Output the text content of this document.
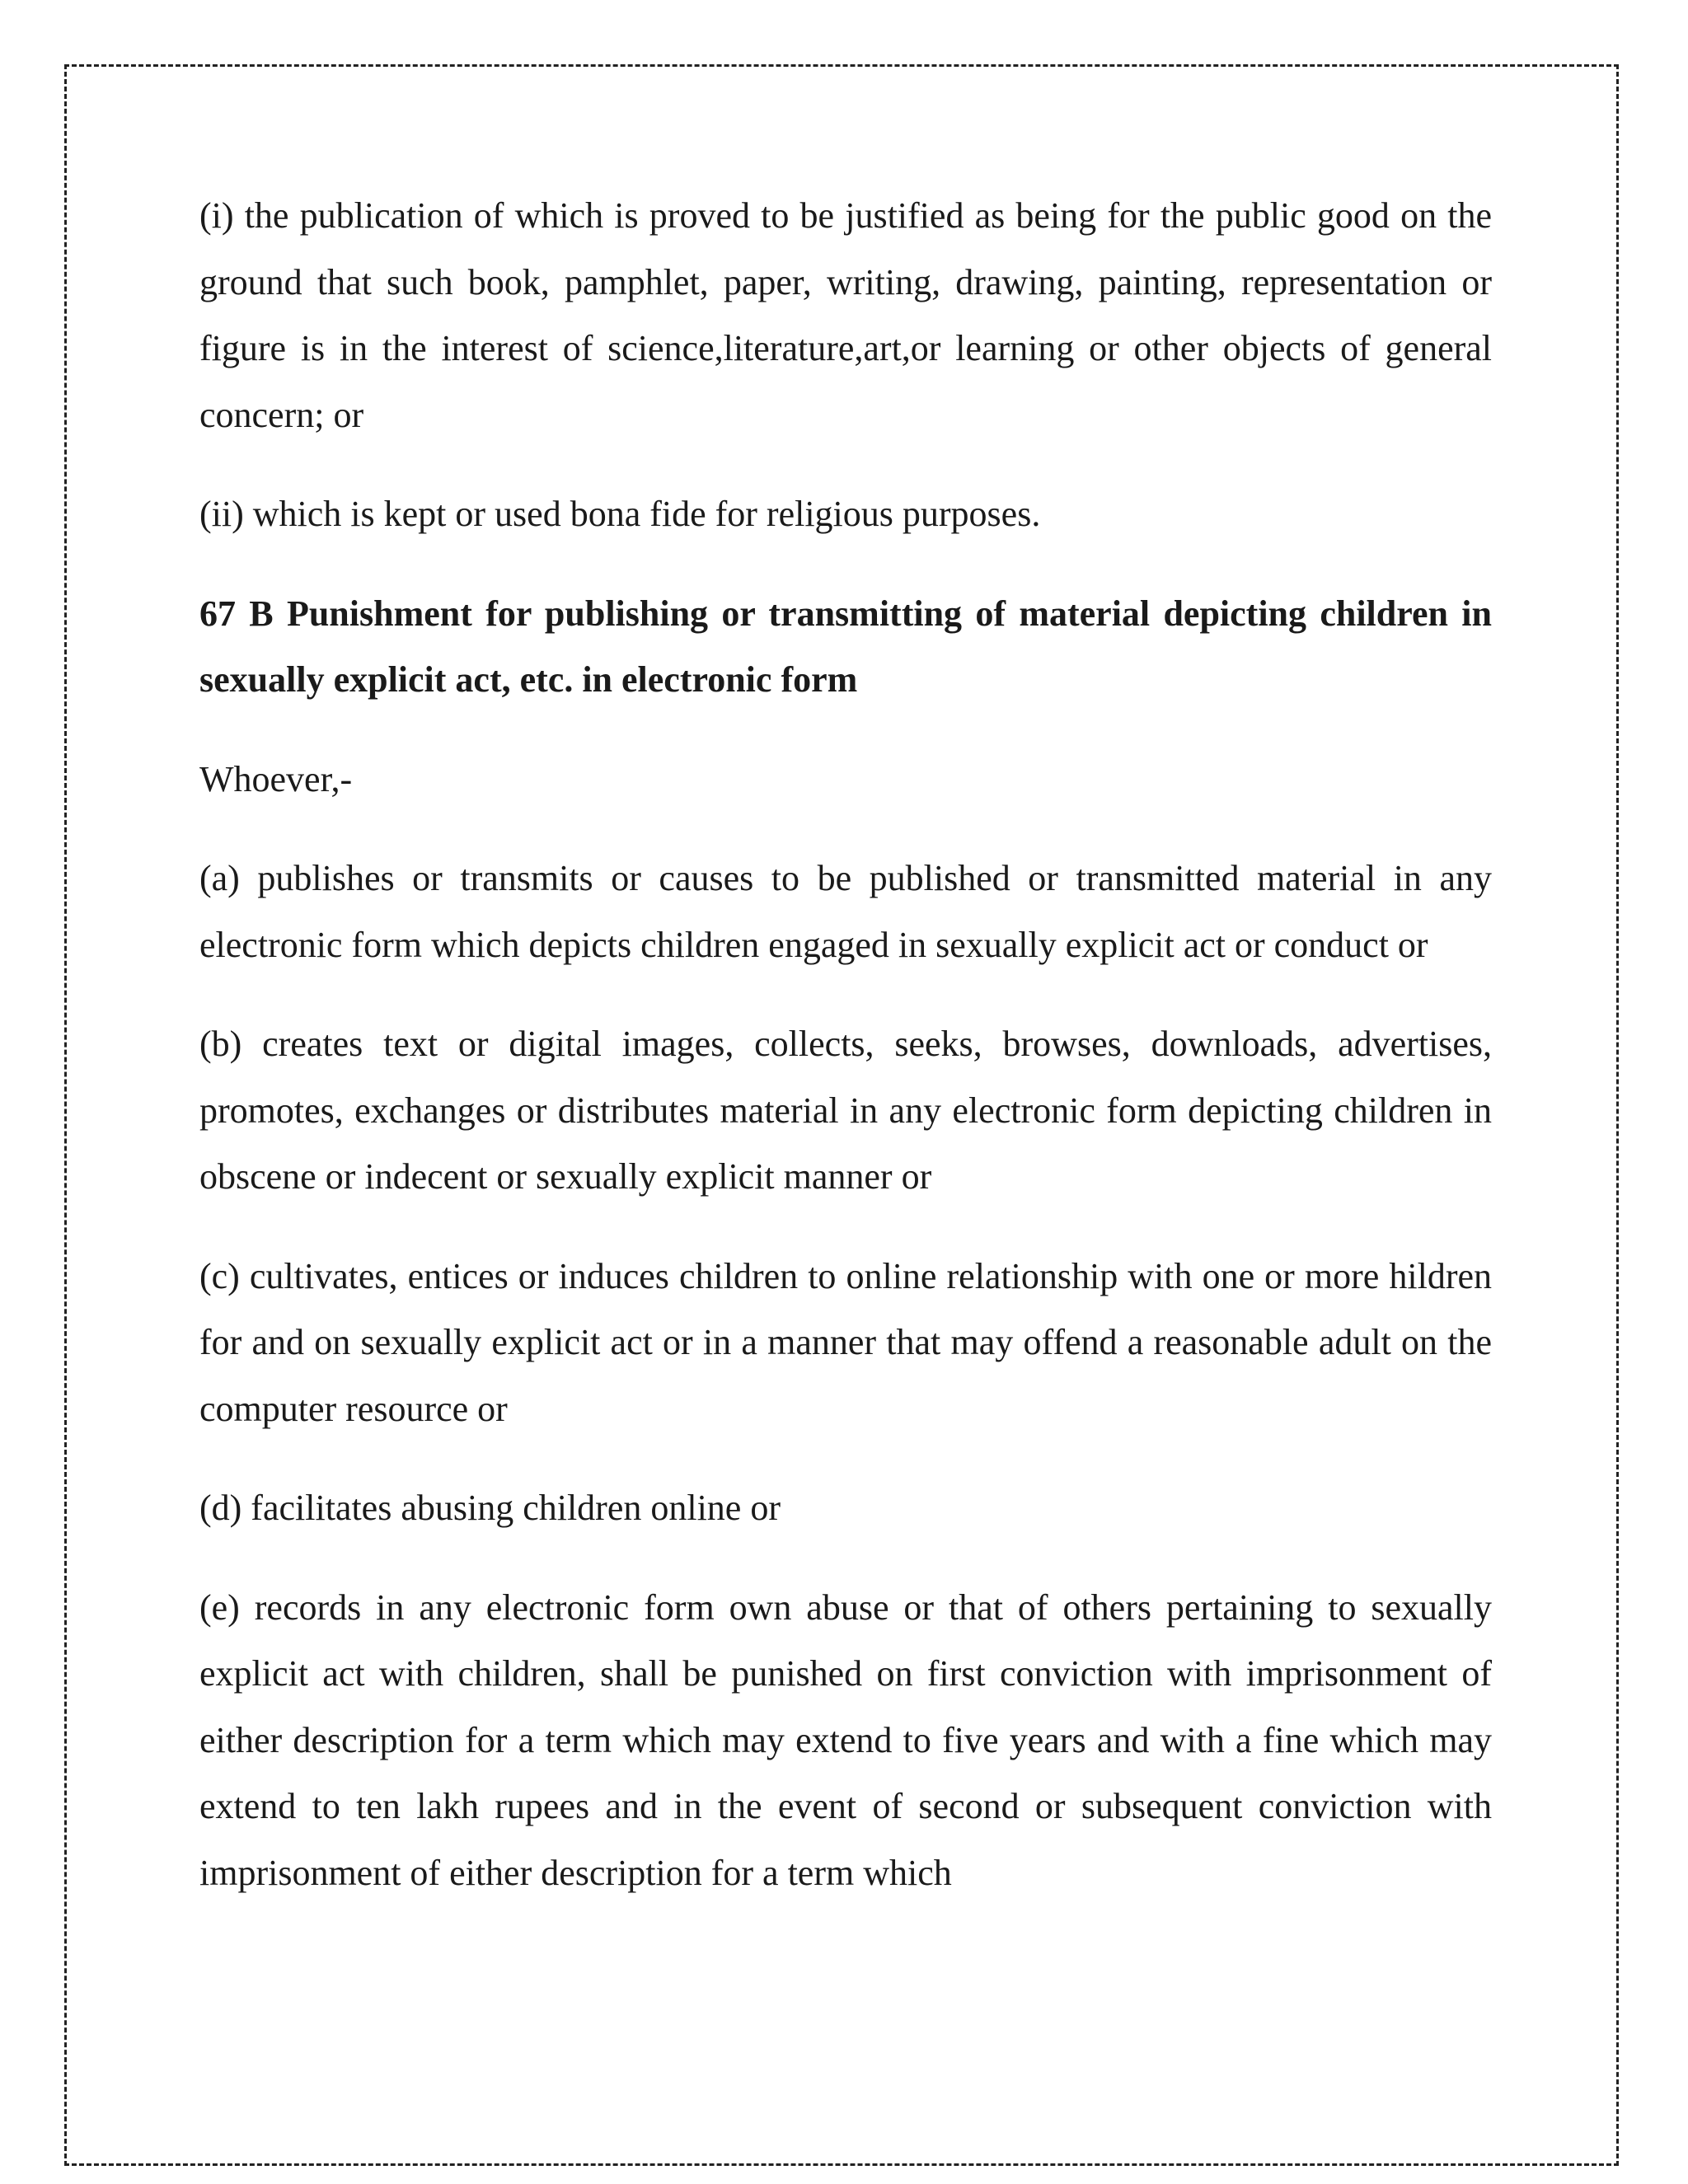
(i) the publication of which is proved to be justified as being for the public good on the ground that such book, pamphlet, paper, writing, drawing, painting, representation or figure is in the interest of science,literature,art,or learning or other objects of general concern; or

(ii) which is kept or used bona fide for religious purposes.

67 B Punishment for publishing or transmitting of material depicting children in sexually explicit act, etc. in electronic form

Whoever,-

(a) publishes or transmits or causes to be published or transmitted material in any electronic form which depicts children engaged in sexually explicit act or conduct or

(b) creates text or digital images, collects, seeks, browses, downloads, advertises, promotes, exchanges or distributes material in any electronic form depicting children in obscene or indecent or sexually explicit manner or

(c) cultivates, entices or induces children to online relationship with one or more hildren for and on sexually explicit act or in a manner that may offend a reasonable adult on the computer resource or

(d) facilitates abusing children online or

(e) records in any electronic form own abuse or that of others pertaining to sexually explicit act with children, shall be punished on first conviction with imprisonment of either description for a term which may extend to five years and with a fine which may extend to ten lakh rupees and in the event of second or subsequent conviction with imprisonment of either description for a term which
